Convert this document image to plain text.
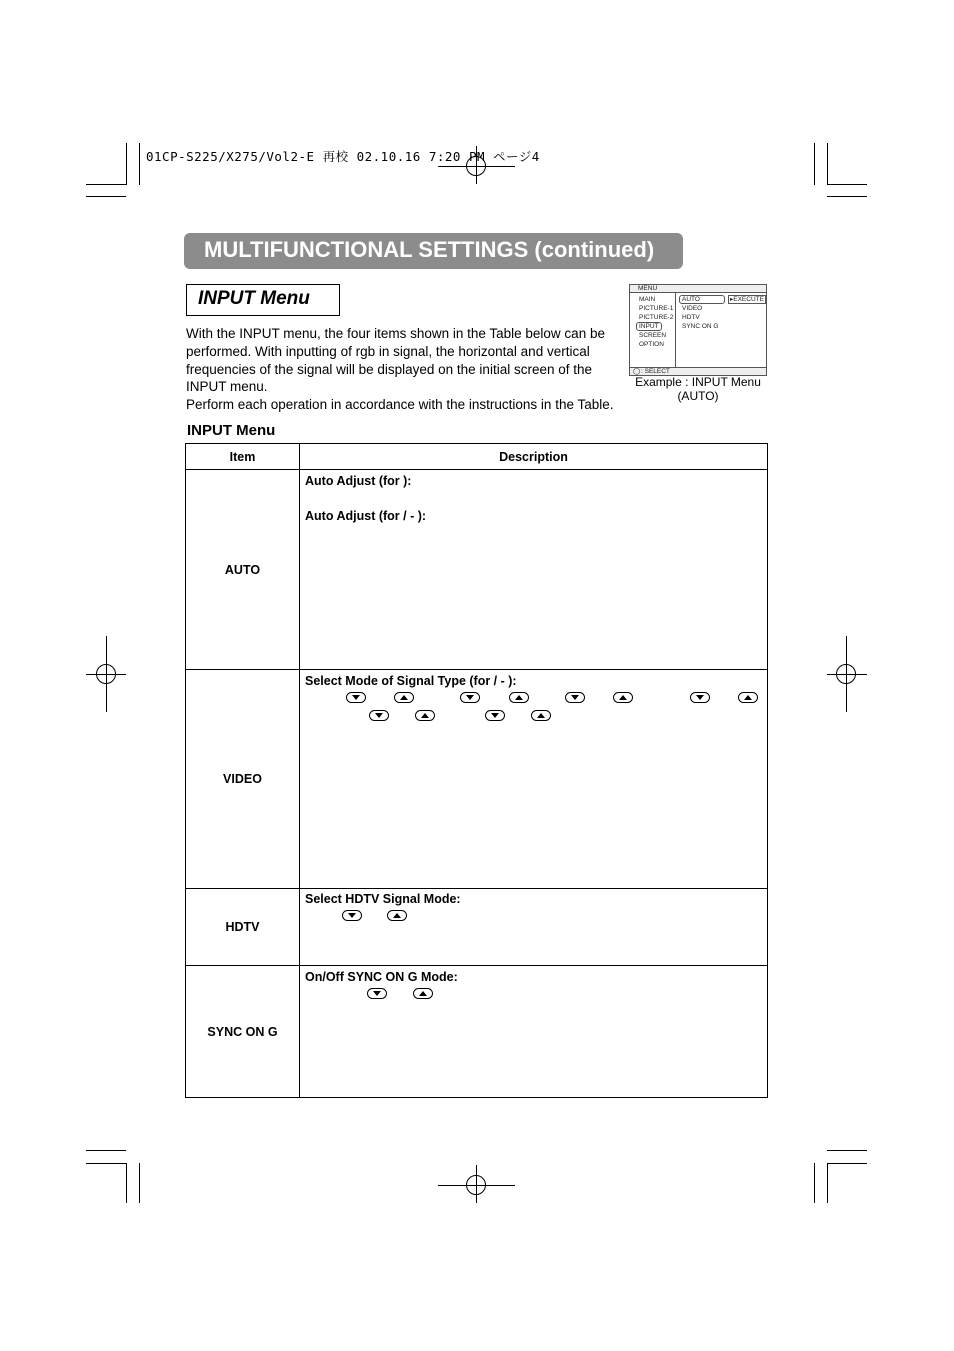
01CP-S225/X275/Vol2-E 再校 02.10.16 7:20 PM ページ4
MULTIFUNCTIONAL SETTINGS (continued)
INPUT Menu

With the INPUT menu, the four items shown in the Table below can be performed. With inputting of rgb in signal, the horizontal and vertical frequencies of the signal will be displayed on the initial screen of the INPUT menu.

Perform each operation in accordance with the instructions in the Table.

MENU
MAIN
PICTURE-1
PICTURE-2
INPUT
SCREEN
OPTION
AUTO
VIDEO
HDTV
SYNC ON G
▸EXECUTE
◯ : SELECT
Example : INPUT Menu
(AUTO)
INPUT Menu
Item	Description
AUTO	Auto Adjust (for ):
Auto Adjust (for / - ):

VIDEO	Select Mode of Signal Type (for / - ):

HDTV	Select HDTV Signal Mode:

SYNC ON G	On/Off SYNC ON G Mode:
